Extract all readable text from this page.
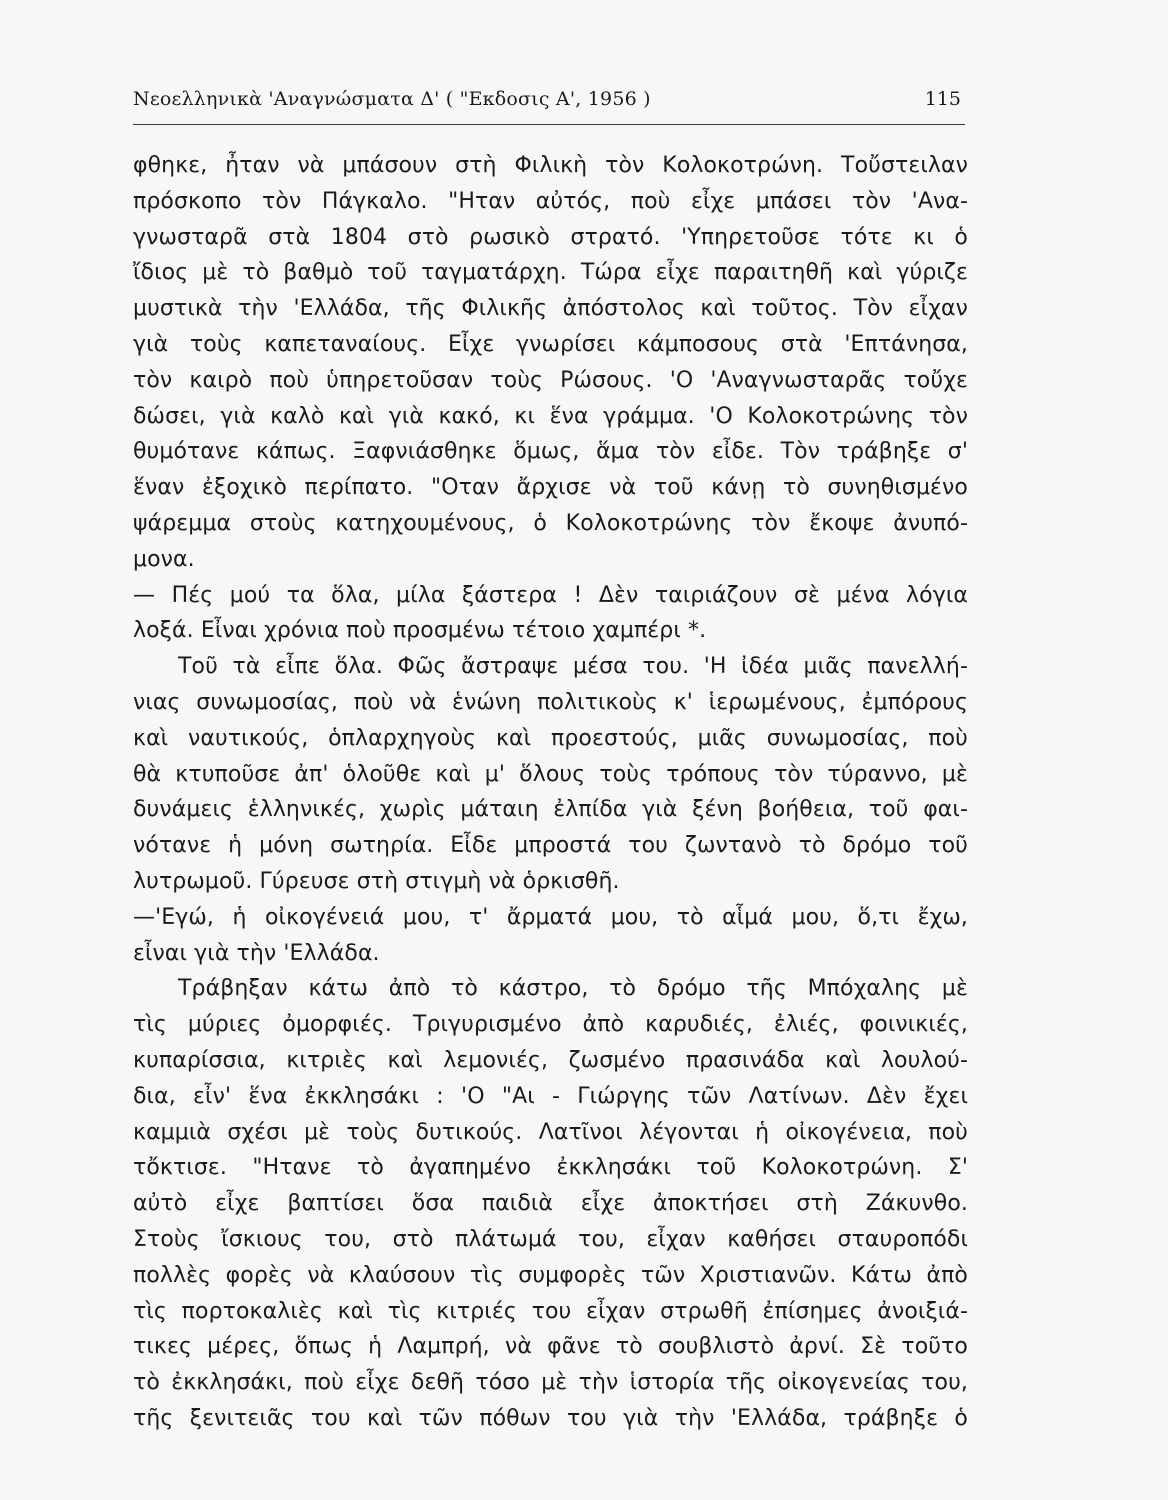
Νεοελληνικὰ 'Αναγνώσματα Δ' ( "Εκδοσις Α', 1956 )	115
φθηκε, ἦταν νὰ μπάσουν στὴ Φιλικὴ τὸν Κολοκοτρώνη. Τοὔστειλαν
πρόσκοπο τὸν Πάγκαλο. "Ηταν αὐτός, ποὺ εἶχε μπάσει τὸν 'Ανα-
γνωσταρᾶ στὰ 1804 στὸ ρωσικὸ στρατό. 'Υπηρετοῦσε τότε κι ὁ
ἴδιος μὲ τὸ βαθμὸ τοῦ ταγματάρχη. Τώρα εἶχε παραιτηθῆ καὶ γύριζε
μυστικὰ τὴν 'Ελλάδα, τῆς Φιλικῆς ἀπόστολος καὶ τοῦτος. Τὸν εἶχαν
γιὰ τοὺς καπεταναίους. Εἶχε γνωρίσει κάμποσους στὰ 'Επτάνησα,
τὸν καιρὸ ποὺ ὑπηρετοῦσαν τοὺς Ρώσους. 'Ο 'Αναγνωσταρᾶς τοὔχε
δώσει, γιὰ καλὸ καὶ γιὰ κακό, κι ἕνα γράμμα. 'Ο Κολοκοτρώνης τὸν
θυμότανε κάπως. Ξαφνιάσθηκε ὅμως, ἅμα τὸν εἶδε. Τὸν τράβηξε σ'
ἕναν ἐξοχικὸ περίπατο. "Οταν ἄρχισε νὰ τοῦ κάνῃ τὸ συνηθισμένο
ψάρεμμα στοὺς κατηχουμένους, ὁ Κολοκοτρώνης τὸν ἔκοψε ἀνυπό-
μονα.
— Πές μού τα ὅλα, μίλα ξάστερα ! Δὲν ταιριάζουν σὲ μένα λόγια
λοξά. Εἶναι χρόνια ποὺ προσμένω τέτοιο χαμπέρι *.
Τοῦ τὰ εἶπε ὅλα. Φῶς ἄστραψε μέσα του. 'Η ἰδέα μιᾶς πανελλή-
νιας συνωμοσίας, ποὺ νὰ ἑνώνη πολιτικοὺς κ' ἱερωμένους, ἐμπόρους
καὶ ναυτικούς, ὁπλαρχηγοὺς καὶ προεστούς, μιᾶς συνωμοσίας, ποὺ
θὰ κτυποῦσε ἀπ' ὁλοῦθε καὶ μ' ὅλους τοὺς τρόπους τὸν τύραννο, μὲ
δυνάμεις ἑλληνικές, χωρὶς μάταιη ἐλπίδα γιὰ ξένη βοήθεια, τοῦ φαι-
νότανε ἡ μόνη σωτηρία. Εἶδε μπροστά του ζωντανὸ τὸ δρόμο τοῦ
λυτρωμοῦ. Γύρευσε στὴ στιγμὴ νὰ ὁρκισθῆ.
—'Εγώ, ἡ οἰκογένειά μου, τ' ἄρματά μου, τὸ αἷμά μου, ὅ,τι ἔχω,
εἶναι γιὰ τὴν 'Ελλάδα.
Τράβηξαν κάτω ἀπὸ τὸ κάστρο, τὸ δρόμο τῆς Μπόχαλης μὲ
τὶς μύριες ὀμορφιές. Τριγυρισμένο ἀπὸ καρυδιές, ἐλιές, φοινικιές,
κυπαρίσσια, κιτριὲς καὶ λεμονιές, ζωσμένο πρασινάδα καὶ λουλού-
δια, εἶν' ἕνα ἐκκλησάκι : 'Ο "Αι - Γιώργης τῶν Λατίνων. Δὲν ἔχει
καμμιὰ σχέσι μὲ τοὺς δυτικούς. Λατῖνοι λέγονται ἡ οἰκογένεια, ποὺ
τὄκτισε. "Ητανε τὸ ἀγαπημένο ἐκκλησάκι τοῦ Κολοκοτρώνη. Σ'
αὐτὸ εἶχε βαπτίσει ὅσα παιδιὰ εἶχε ἀποκτήσει στὴ Ζάκυνθο.
Στοὺς ἴσκιους του, στὸ πλάτωμά του, εἶχαν καθήσει σταυροπόδι
πολλὲς φορὲς νὰ κλαύσουν τὶς συμφορὲς τῶν Χριστιανῶν. Κάτω ἀπὸ
τὶς πορτοκαλιὲς καὶ τὶς κιτριές του εἶχαν στρωθῆ ἐπίσημες ἀνοιξιά-
τικες μέρες, ὅπως ἡ Λαμπρή, νὰ φᾶνε τὸ σουβλιστὸ ἀρνί. Σὲ τοῦτο
τὸ ἐκκλησάκι, ποὺ εἶχε δεθῆ τόσο μὲ τὴν ἱστορία τῆς οἰκογενείας του,
τῆς ξενιτειᾶς του καὶ τῶν πόθων του γιὰ τὴν 'Ελλάδα, τράβηξε ὁ
